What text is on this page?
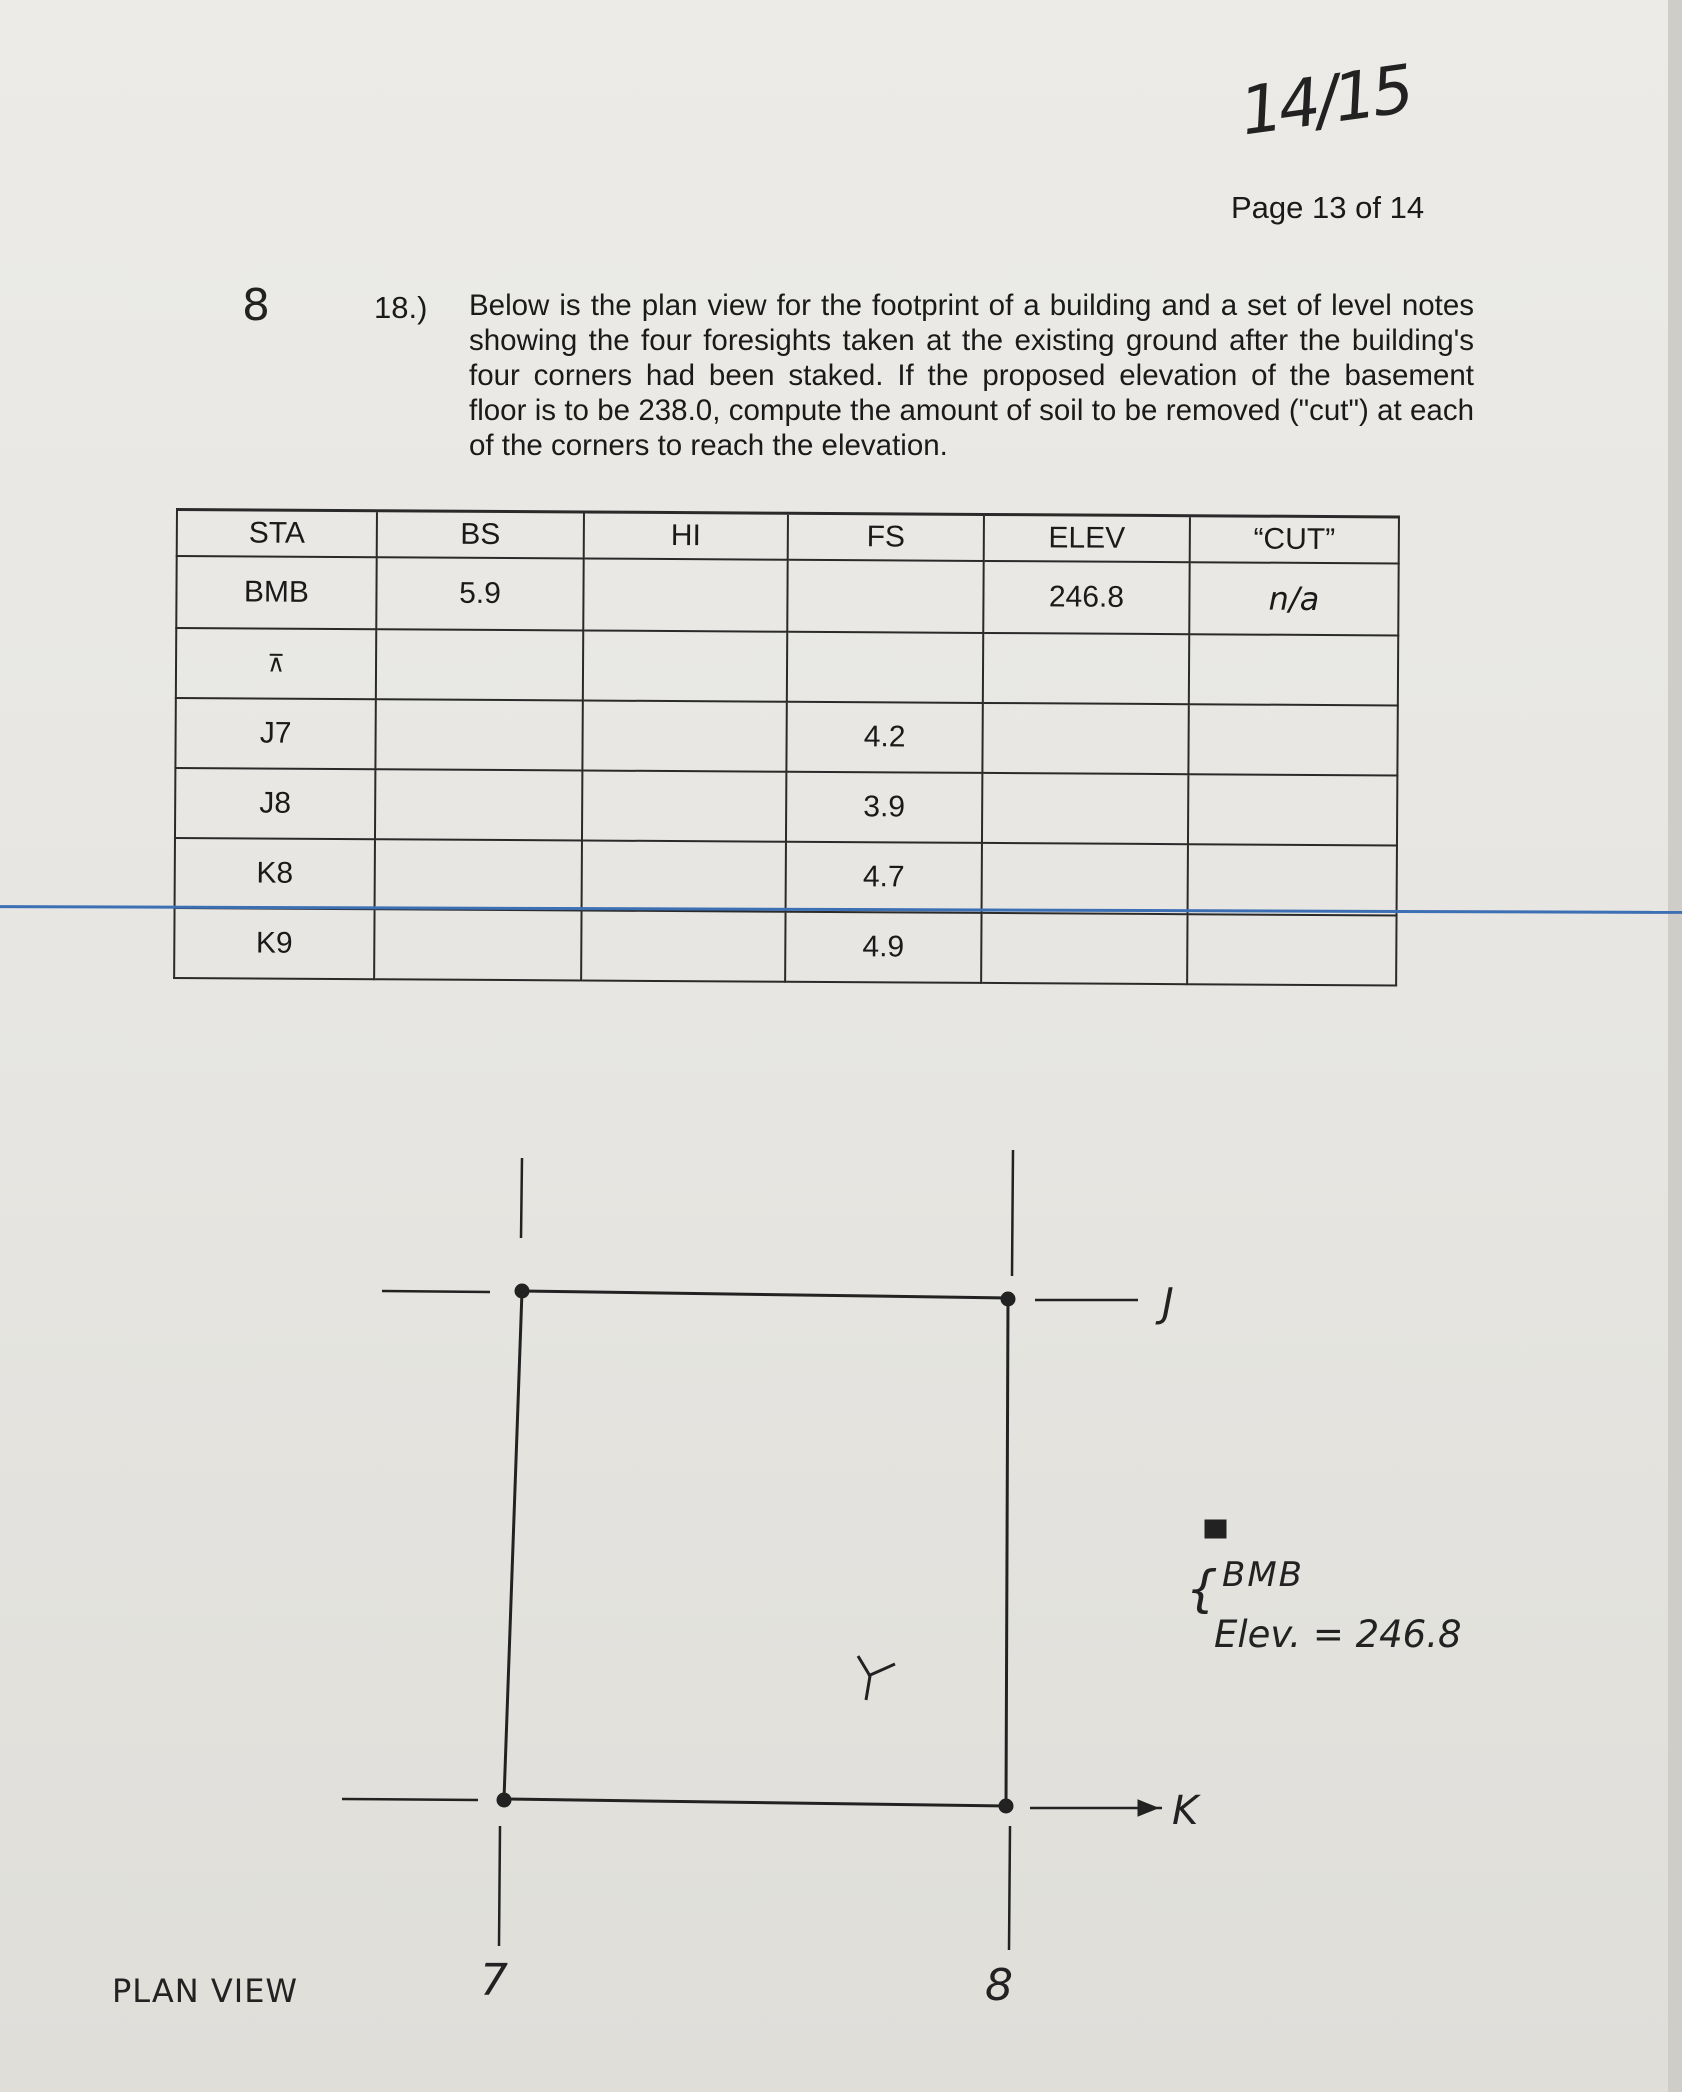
14/15
Page 13 of 14
8	18.) Below is the plan view for the footprint of a building and a set of level notes showing the four foresights taken at the existing ground after the building's four corners had been staked. If the proposed elevation of the basement floor is to be 238.0, compute the amount of soil to be removed ("cut") at each of the corners to reach the elevation.
STA	BS	HI	FS	ELEV	“CUT”
BMB	5.9			246.8	n/a
⊼					
J7			4.2		
J8			3.9		
K8			4.7		
K9			4.9		
J
K
7	8
PLAN VIEW
{ BMB
Elev. = 246.8
